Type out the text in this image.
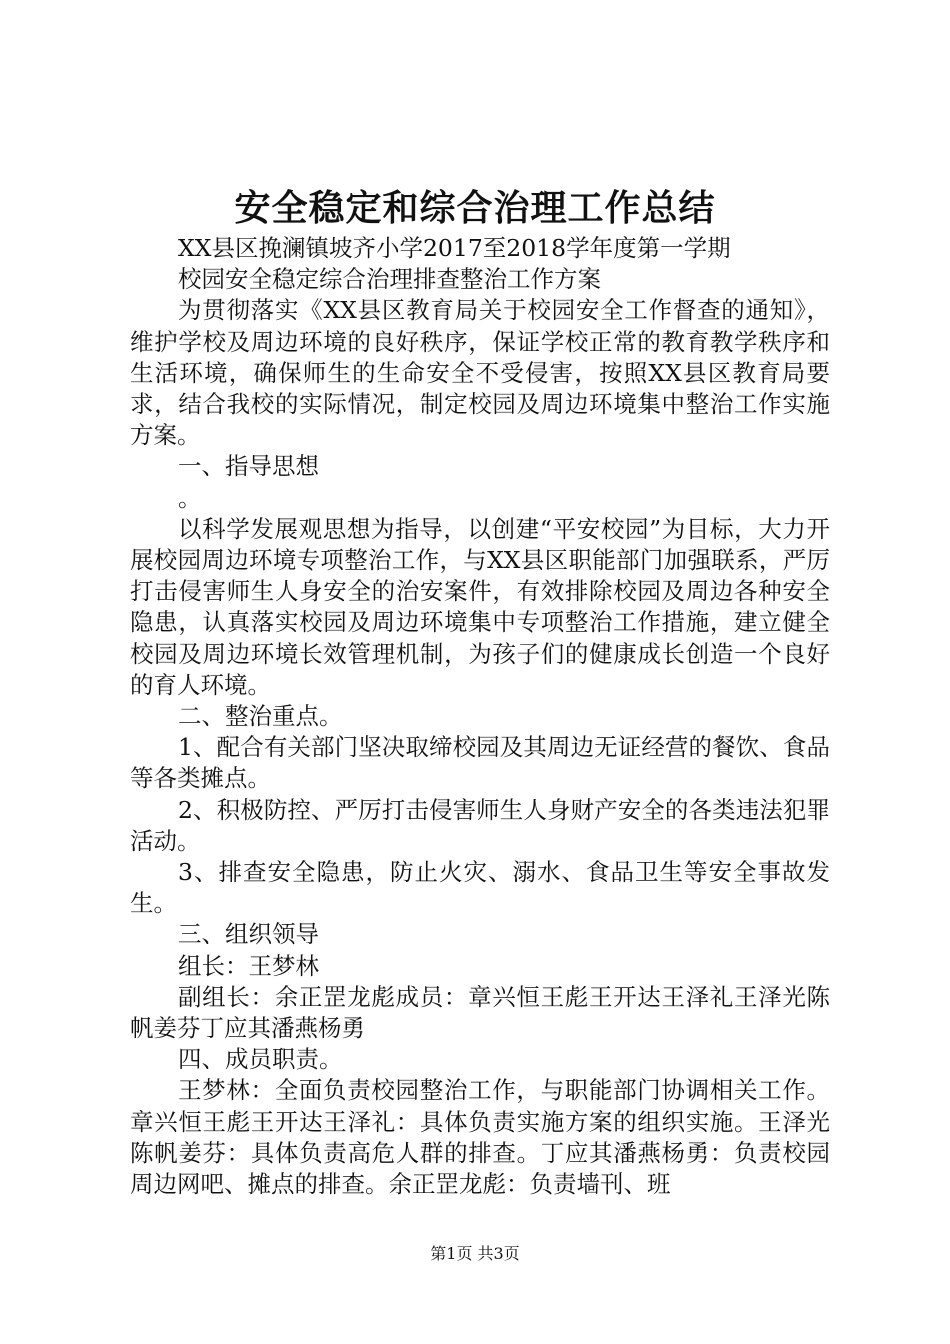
安全稳定和综合治理工作总结

XX县区挽澜镇坡齐小学2017至2018学年度第一学期

校园安全稳定综合治理排查整治工作方案

为贯彻落实《XX县区教育局关于校园安全工作督查的通知》，维护学校及周边环境的良好秩序，保证学校正常的教育教学秩序和生活环境，确保师生的生命安全不受侵害，按照XX县区教育局要求，结合我校的实际情况，制定校园及周边环境集中整治工作实施方案。

一、指导思想

。

以科学发展观思想为指导，以创建“平安校园”为目标，大力开展校园周边环境专项整治工作，与XX县区职能部门加强联系，严厉打击侵害师生人身安全的治安案件，有效排除校园及周边各种安全隐患，认真落实校园及周边环境集中专项整治工作措施，建立健全校园及周边环境长效管理机制，为孩子们的健康成长创造一个良好的育人环境。

二、整治重点。

1、配合有关部门坚决取缔校园及其周边无证经营的餐饮、食品等各类摊点。

2、积极防控、严厉打击侵害师生人身财产安全的各类违法犯罪活动。

3、排查安全隐患，防止火灾、溺水、食品卫生等安全事故发生。

三、组织领导

组长：王梦林

副组长：余正罡龙彪成员：章兴恒王彪王开达王泽礼王泽光陈帆姜芬丁应其潘燕杨勇

四、成员职责。

王梦林：全面负责校园整治工作，与职能部门协调相关工作。章兴恒王彪王开达王泽礼：具体负责实施方案的组织实施。王泽光陈帆姜芬：具体负责高危人群的排查。丁应其潘燕杨勇：负责校园周边网吧、摊点的排查。余正罡龙彪：负责墙刊、班

第1页 共3页
